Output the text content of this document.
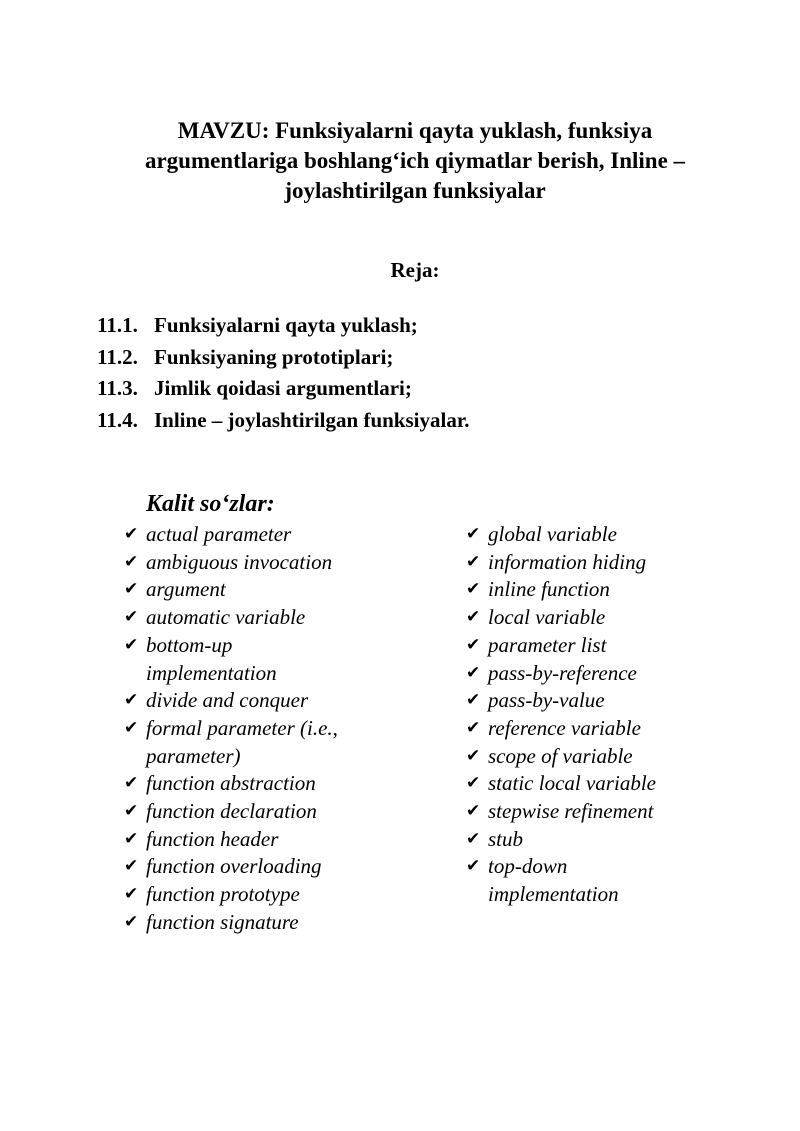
MAVZU: Funksiyalarni qayta yuklash, funksiya
argumentlariga boshlang‘ich qiymatlar berish, Inline –
joylashtirilgan funksiyalar
Reja:
11.1. Funksiyalarni qayta yuklash;
11.2. Funksiyaning prototiplari;
11.3. Jimlik qoidasi argumentlari;
11.4. Inline – joylashtirilgan funksiyalar.
Kalit so‘zlar:
✔ actual parameter
✔ ambiguous invocation
✔ argument
✔ automatic variable
✔ bottom-up
implementation
✔ divide and conquer
✔ formal parameter (i.e.,
parameter)
✔ function abstraction
✔ function declaration
✔ function header
✔ function overloading
✔ function prototype
✔ function signature
✔ global variable
✔ information hiding
✔ inline function
✔ local variable
✔ parameter list
✔ pass-by-reference
✔ pass-by-value
✔ reference variable
✔ scope of variable
✔ static local variable
✔ stepwise refinement
✔ stub
✔ top-down
implementation
